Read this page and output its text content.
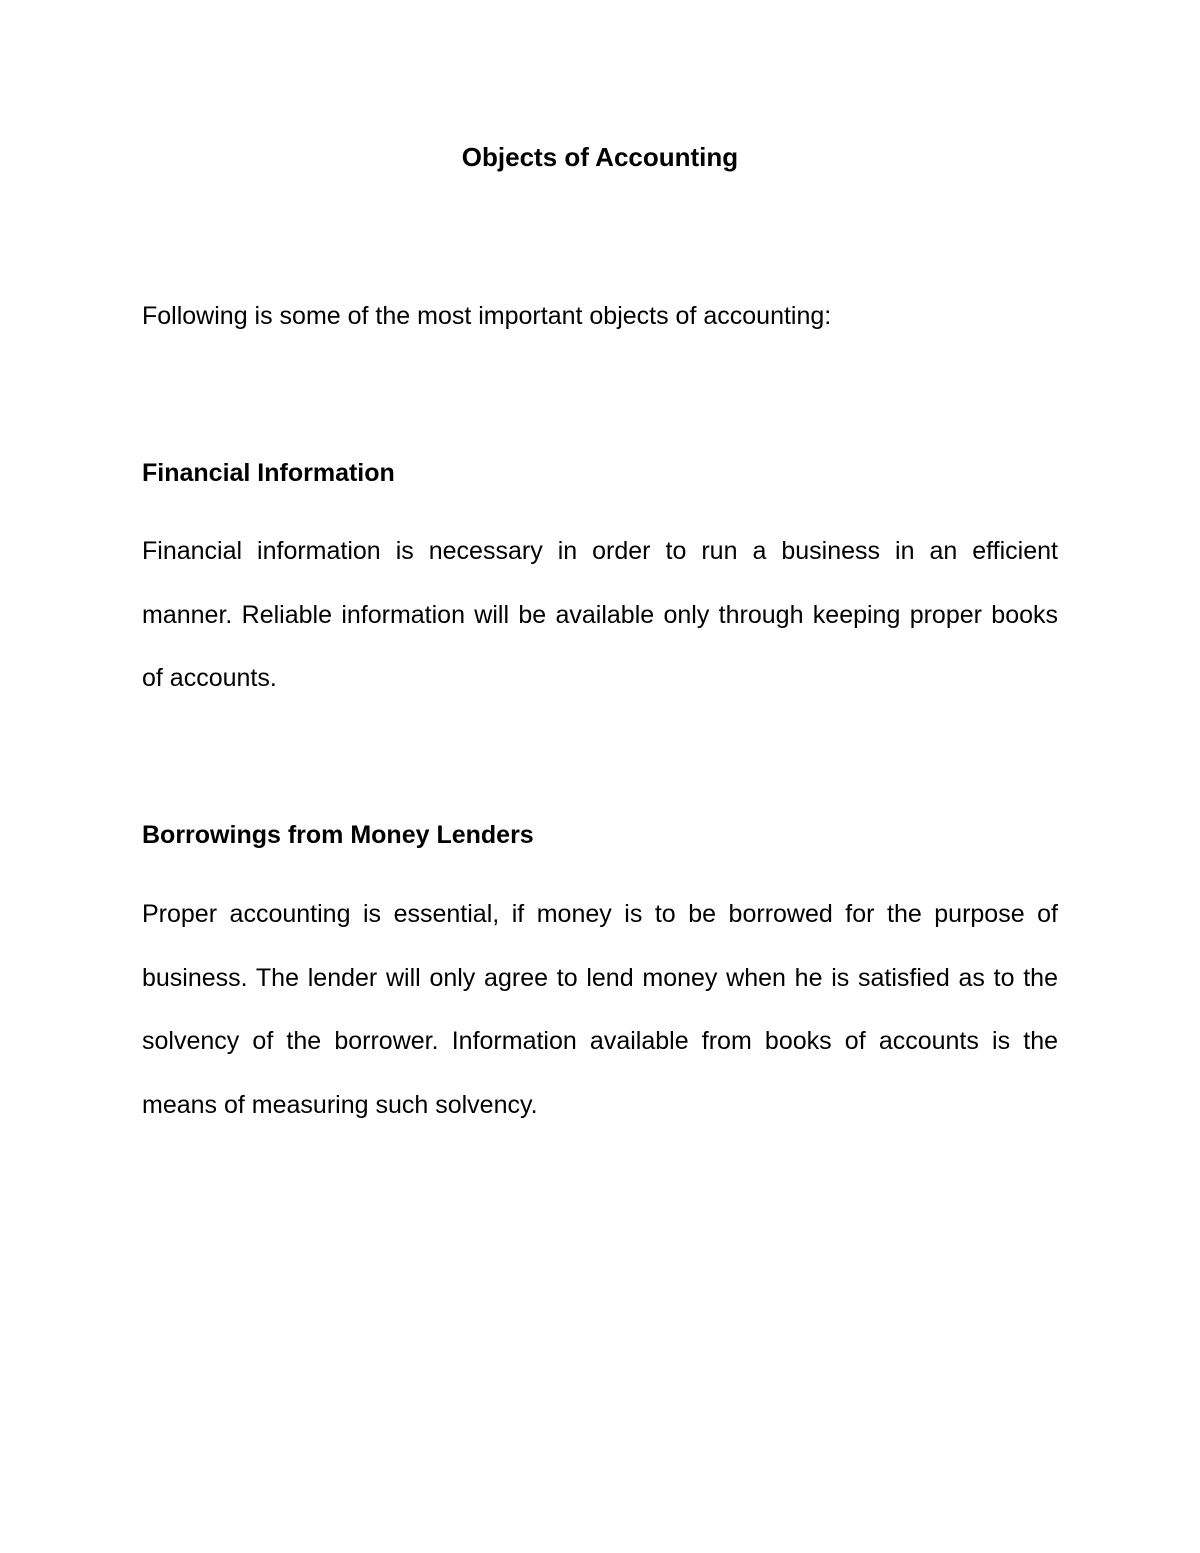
Objects of Accounting

Following is some of the most important objects of accounting:

Financial Information

Financial information is necessary in order to run a business in an efficient manner. Reliable information will be available only through keeping proper books of accounts.

Borrowings from Money Lenders

Proper accounting is essential, if money is to be borrowed for the purpose of business. The lender will only agree to lend money when he is satisfied as to the solvency of the borrower. Information available from books of accounts is the means of measuring such solvency.
